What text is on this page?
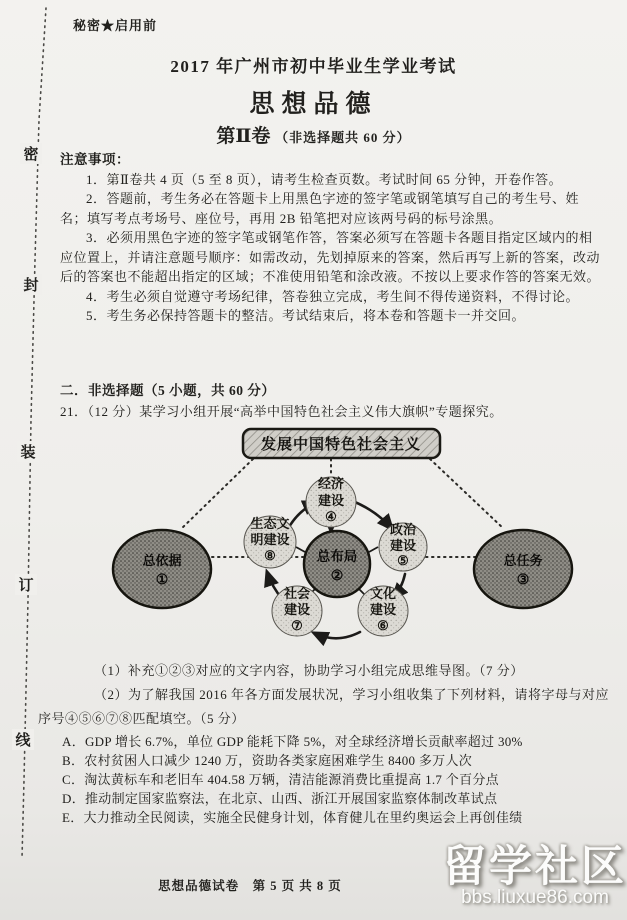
密
封
装
订
线
秘密★启用前
2017 年广州市初中毕业生学业考试
思想品德
第Ⅱ卷 （非选择题共 60 分）
注意事项：

1．第Ⅱ卷共 4 页（5 至 8 页），请考生检查页数。考试时间 65 分钟，开卷作答。

2．答题前，考生务必在答题卡上用黑色字迹的签字笔或钢笔填写自己的考生号、姓名；填写考点考场号、座位号，再用 2B 铅笔把对应该两号码的标号涂黑。

3．必须用黑色字迹的签字笔或钢笔作答，答案必须写在答题卡各题目指定区域内的相应位置上，并请注意题号顺序：如需改动，先划掉原来的答案，然后再写上新的答案，改动后的答案也不能超出指定的区域；不准使用铅笔和涂改液。不按以上要求作答的答案无效。

4．考生必须自觉遵守考场纪律，答卷独立完成，考生间不得传递资料，不得讨论。

5．考生务必保持答题卡的整洁。考试结束后，将本卷和答题卡一并交回。

二．非选择题（5 小题，共 60 分）
21．（12 分）某学习小组开展“高举中国特色社会主义伟大旗帜”专题探究。
发展中国特色社会主义
总依据
①
总任务
③
经济
建设
④
政治
建设
⑤
生态文
明建设
⑧
社会
建设
⑦
文化
建设
⑥
总布局
②
（1）补充①②③对应的文字内容，协助学习小组完成思维导图。（7 分）
（2）为了解我国 2016 年各方面发展状况，学习小组收集了下列材料，请将字母与对应
序号④⑤⑥⑦⑧匹配填空。（5 分）

A．GDP 增长 6.7%，单位 GDP 能耗下降 5%，对全球经济增长贡献率超过 30%

B．农村贫困人口减少 1240 万，资助各类家庭困难学生 8400 多万人次

C．淘汰黄标车和老旧车 404.58 万辆，清洁能源消费比重提高 1.7 个百分点

D．推动制定国家监察法，在北京、山西、浙江开展国家监察体制改革试点

E．大力推动全民阅读，实施全民健身计划，体育健儿在里约奥运会上再创佳绩

思想品德试卷　第 5 页 共 8 页	留学社区
bbs.liuxue86.com
